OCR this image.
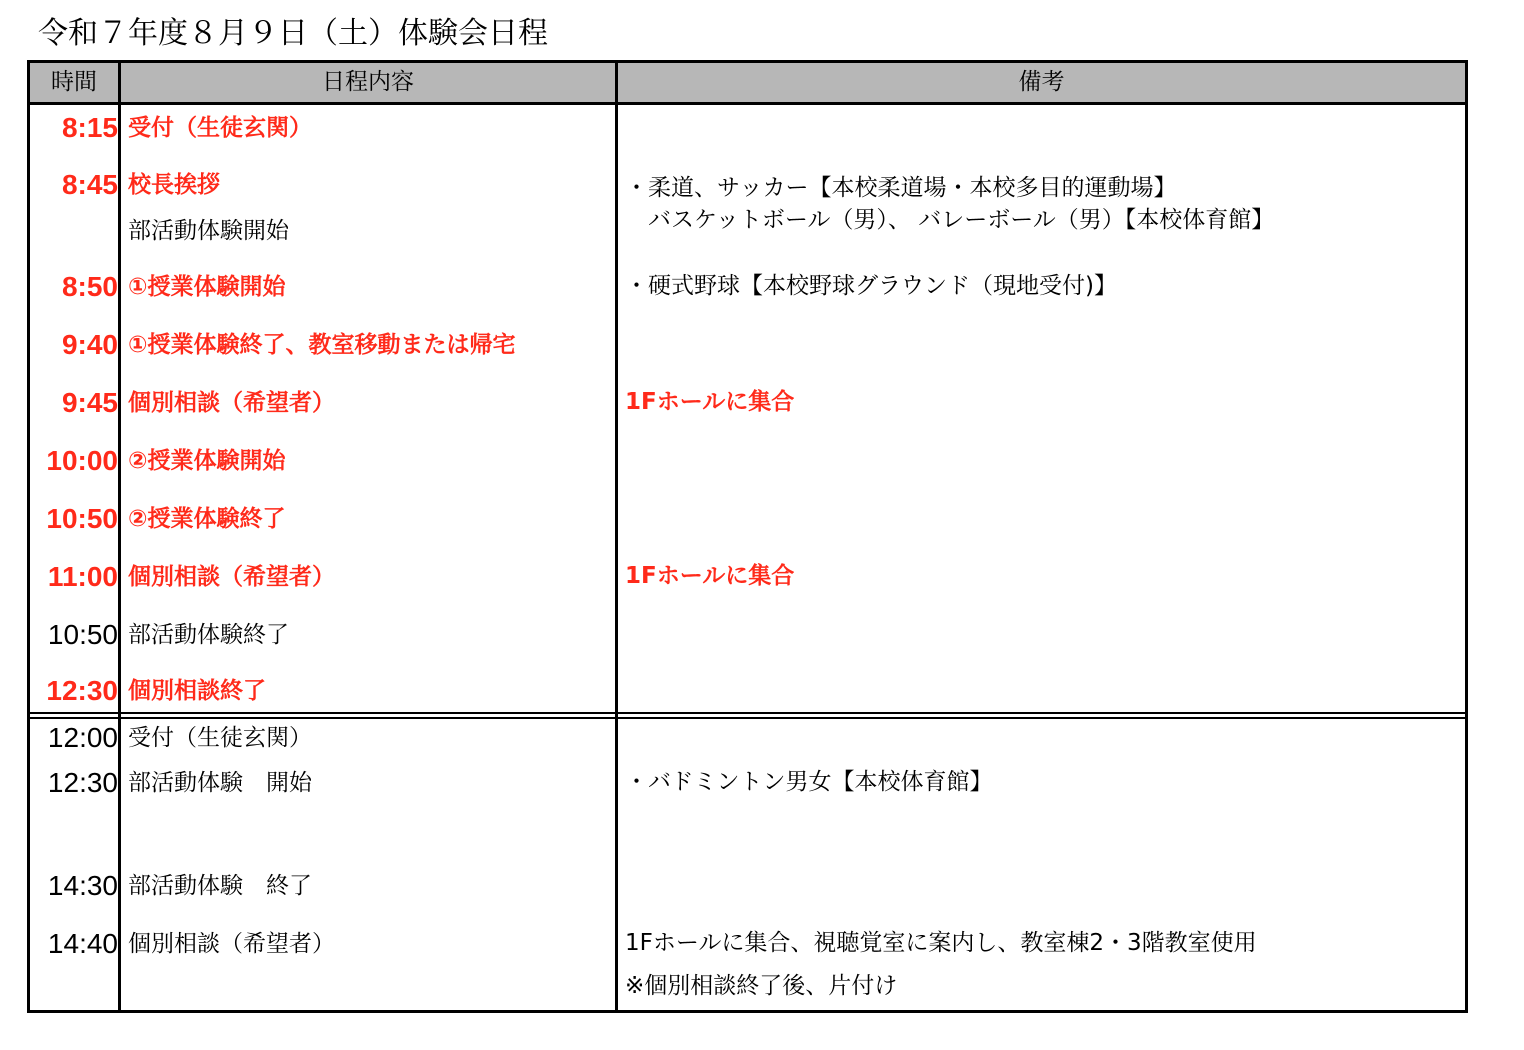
令和７年度８月９日（土）体験会日程
時間	日程内容	備考
8:15 受付（生徒玄関）
8:45 校長挨拶
部活動体験開始
8:50 ①授業体験開始
9:40 ①授業体験終了、教室移動または帰宅
9:45 個別相談（希望者）
10:00 ②授業体験開始
10:50 ②授業体験終了
11:00 個別相談（希望者）
10:50 部活動体験終了
12:30 個別相談終了
12:00 受付（生徒玄関）
12:30 部活動体験　開始
14:30 部活動体験　終了
14:40 個別相談（希望者）
・柔道、サッカー【本校柔道場・本校多目的運動場】
　バスケットボール（男）、 バレーボール（男）【本校体育館】
・硬式野球【本校野球グラウンド（現地受付)】
1Fホールに集合
1Fホールに集合
・バドミントン男女【本校体育館】
1Fホールに集合、視聴覚室に案内し、教室棟2・3階教室使用
※個別相談終了後、片付け
